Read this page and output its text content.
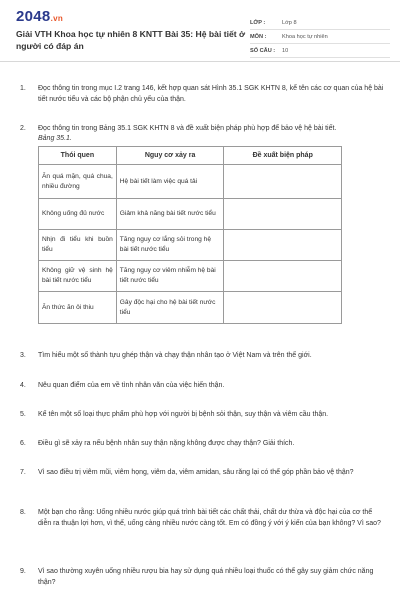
2048.vn
Giải VTH Khoa học tự nhiên 8 KNTT Bài 35: Hệ bài tiết ở người có đáp án
LỚP :	Lớp 8
MÔN :	Khoa học tự nhiên
SỐ CÂU :	10
1.	Đọc thông tin trong mục I.2 trang 146, kết hợp quan sát Hình 35.1 SGK KHTN 8, kể tên các cơ quan của hệ bài tiết nước tiểu và các bộ phận chủ yếu của thận.
2.	Đọc thông tin trong Bảng 35.1 SGK KHTN 8 và đề xuất biện pháp phù hợp để bảo vệ hệ bài tiết.
Bảng 35.1.
Thói quen	Nguy cơ xảy ra	Đề xuất biện pháp
Ăn quá mặn, quá chua, nhiều đường	Hệ bài tiết làm việc quá tải	
Không uống đủ nước	Giảm khả năng bài tiết nước tiểu	
Nhịn đi tiểu khi buồn tiểu	Tăng nguy cơ lắng sỏi trong hệ bài tiết nước tiểu	
Không giữ vệ sinh hệ bài tiết nước tiểu	Tăng nguy cơ viêm nhiễm hệ bài tiết nước tiểu	
Ăn thức ăn ôi thiu	Gây độc hại cho hệ bài tiết nước tiểu	
3.	Tìm hiểu một số thành tựu ghép thận và chạy thận nhân tạo ở Việt Nam và trên thế giới.
4.	Nêu quan điểm của em về tình nhân văn của việc hiến thận.
5.	Kể tên một số loại thực phẩm phù hợp với người bị bệnh sỏi thận, suy thận và viêm cầu thận.
6.	Điều gì sẽ xảy ra nếu bệnh nhân suy thận nặng không được chạy thận? Giải thích.
7.	Vì sao điều trị viêm mũi, viêm họng, viêm da, viêm amidan, sâu răng lại có thể góp phần bảo vệ thận?
8.	Một bạn cho rằng: Uống nhiều nước giúp quá trình bài tiết các chất thải, chất dư thừa và độc hại của cơ thể diễn ra thuận lợi hơn, vì thế, uống càng nhiều nước càng tốt. Em có đồng ý với ý kiến của bạn không? Vì sao?
9.	Vì sao thường xuyên uống nhiều rượu bia hay sử dụng quá nhiều loại thuốc có thể gây suy giảm chức năng thận?
